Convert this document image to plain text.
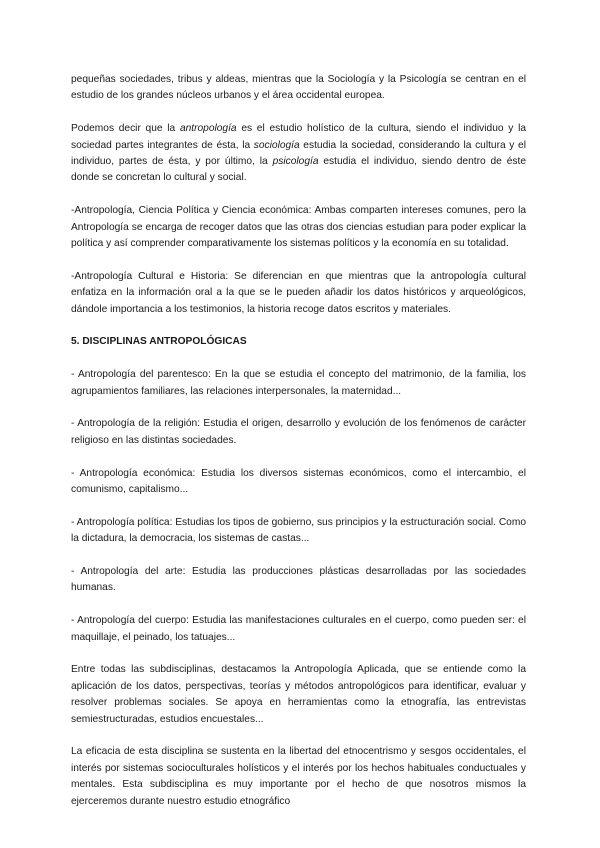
pequeñas sociedades, tribus y aldeas, mientras que la Sociología y la Psicología se centran en el estudio de los grandes núcleos urbanos y el área occidental europea.

Podemos decir que la antropología es el estudio holístico de la cultura, siendo el individuo y la sociedad partes integrantes de ésta, la sociología estudia la sociedad, considerando la cultura y el individuo, partes de ésta, y por último, la psicología estudia el individuo, siendo dentro de éste donde se concretan lo cultural y social.

-Antropología, Ciencia Política y Ciencia económica: Ambas comparten intereses comunes, pero la Antropología se encarga de recoger datos que las otras dos ciencias estudian para poder explicar la política y así comprender comparativamente los sistemas políticos y la economía en su totalidad.

-Antropología Cultural e Historia: Se diferencian en que mientras que la antropología cultural enfatiza en la información oral a la que se le pueden añadir los datos históricos y arqueológicos, dándole importancia a los testimonios, la historia recoge datos escritos y materiales.

5. DISCIPLINAS ANTROPOLÓGICAS

- Antropología del parentesco: En la que se estudia el concepto del matrimonio, de la familia, los agrupamientos familiares, las relaciones interpersonales, la maternidad...

- Antropología de la religión: Estudia el origen, desarrollo y evolución de los fenómenos de carácter religioso en las distintas sociedades.

- Antropología económica: Estudia los diversos sistemas económicos, como el intercambio, el comunismo, capitalismo...

- Antropología política: Estudias los tipos de gobierno, sus principios y la estructuración social. Como la dictadura, la democracia, los sistemas de castas...

- Antropología del arte: Estudia las producciones plásticas desarrolladas por las sociedades humanas.

- Antropología del cuerpo: Estudia las manifestaciones culturales en el cuerpo, como pueden ser: el maquillaje, el peinado, los tatuajes...

Entre todas las subdisciplinas, destacamos la Antropología Aplicada, que se entiende como la aplicación de los datos, perspectivas, teorías y métodos antropológicos para identificar, evaluar y resolver problemas sociales. Se apoya en herramientas como la etnografía, las entrevistas semiestructuradas, estudios encuestales...

La eficacia de esta disciplina se sustenta en la libertad del etnocentrismo y sesgos occidentales, el interés por sistemas socioculturales holísticos y el interés por los hechos habituales conductuales y mentales. Esta subdisciplina es muy importante por el hecho de que nosotros mismos la ejerceremos durante nuestro estudio etnográfico
